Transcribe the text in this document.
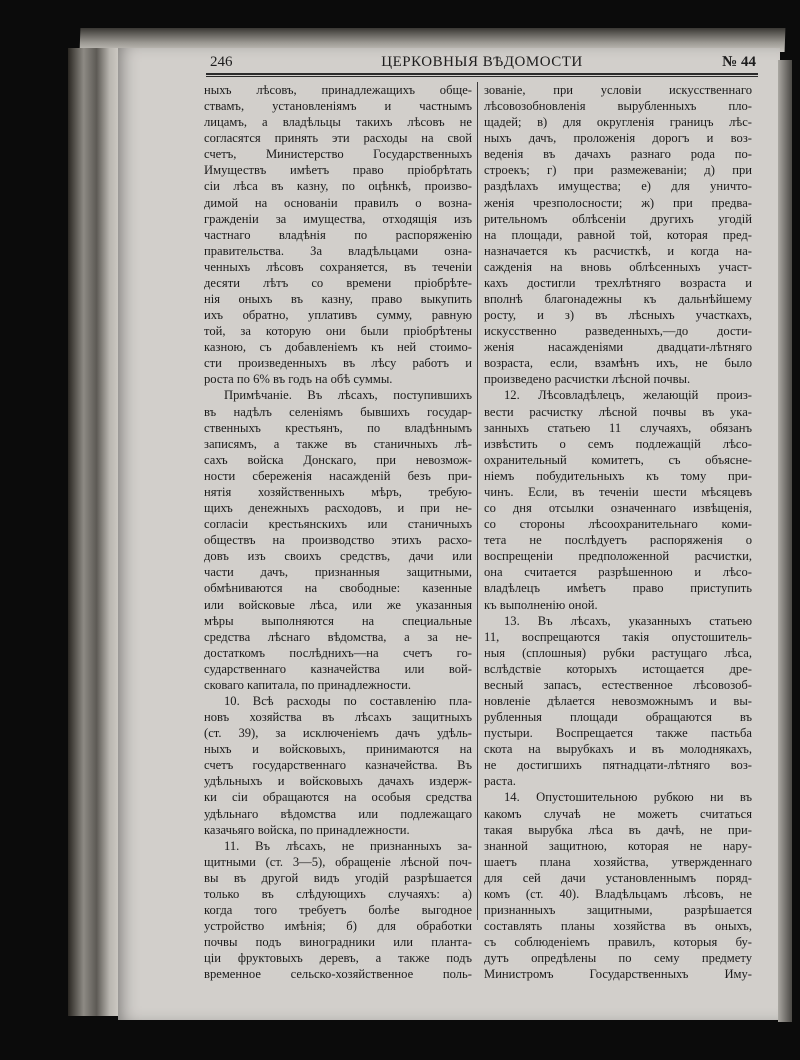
246	ЦЕРКОВНЫЯ ВѢДОМОСТИ	№ 44
ныхъ лѣсовъ, принадлежащихъ обще-
ствамъ, установленіямъ и частнымъ
лицамъ, а владѣльцы такихъ лѣсовъ не
согласятся принять эти расходы на свой
счетъ, Министерство Государственныхъ
Имуществъ имѣетъ право пріобрѣтать
сіи лѣса въ казну, по оцѣнкѣ, произво-
димой на основаніи правилъ о возна-
гражденіи за имущества, отходящія изъ
частнаго владѣнія по распоряженію
правительства. За владѣльцами озна-
ченныхъ лѣсовъ сохраняется, въ теченіи
десяти лѣтъ со времени пріобрѣте-
нія оныхъ въ казну, право выкупить
ихъ обратно, уплативъ сумму, равную
той, за которую они были пріобрѣтены
казною, съ добавленіемъ къ ней стоимо-
сти произведенныхъ въ лѣсу работъ и
роста по 6% въ годъ на обѣ суммы.
Примѣчаніе. Въ лѣсахъ, поступившихъ
въ надѣлъ селеніямъ бывшихъ государ-
ственныхъ крестьянъ, по владѣннымъ
записямъ, а также въ станичныхъ лѣ-
сахъ войска Донскаго, при невозмож-
ности сбереженія насажденій безъ при-
нятія хозяйственныхъ мѣръ, требую-
щихъ денежныхъ расходовъ, и при не-
согласіи крестьянскихъ или станичныхъ
обществъ на производство этихъ расхо-
довъ изъ своихъ средствъ, дачи или
части дачъ, признанныя защитными,
обмѣниваются на свободные: казенные
или войсковые лѣса, или же указанныя
мѣры выполняются на специальные
средства лѣснаго вѣдомства, а за не-
достаткомъ послѣднихъ—на счетъ го-
сударственнаго казначейства или вой-
сковаго капитала, по принадлежности.
10. Всѣ расходы по составленію пла-
новъ хозяйства въ лѣсахъ защитныхъ
(ст. 39), за исключеніемъ дачъ удѣль-
ныхъ и войсковыхъ, принимаются на
счетъ государственнаго казначейства. Въ
удѣльныхъ и войсковыхъ дачахъ издерж-
ки сіи обращаются на особыя средства
удѣльнаго вѣдомства или подлежащаго
казачьяго войска, по принадлежности.
11. Въ лѣсахъ, не признанныхъ за-
щитными (ст. 3—5), обращеніе лѣсной поч-
вы въ другой видъ угодій разрѣшается
только въ слѣдующихъ случаяхъ: а)
когда того требуетъ болѣе выгодное
устройство имѣнія; б) для обработки
почвы подъ виноградники или планта-
ціи фруктовыхъ деревъ, а также подъ
временное сельско-хозяйственное поль-
зованіе, при условіи искусственнаго
лѣсовозобновленія вырубленныхъ пло-
щадей; в) для округленія границъ лѣс-
ныхъ дачъ, проложенія дорогъ и воз-
веденія въ дачахъ разнаго рода по-
строекъ; г) при размежеваніи; д) при
раздѣлахъ имущества; е) для уничто-
женія чрезполосности; ж) при предва-
рительномъ облѣсеніи другихъ угодій
на площади, равной той, которая пред-
назначается къ расчисткѣ, и когда на-
сажденія на вновь облѣсенныхъ участ-
кахъ достигли трехлѣтняго возраста и
вполнѣ благонадежны къ дальнѣйшему
росту, и з) въ лѣсныхъ участкахъ,
искусственно разведенныхъ,—до дости-
женія насажденіями двадцати-лѣтняго
возраста, если, взамѣнъ ихъ, не было
произведено расчистки лѣсной почвы.
12. Лѣсовладѣлецъ, желающій произ-
вести расчистку лѣсной почвы въ ука-
занныхъ статьею 11 случаяхъ, обязанъ
извѣстить о семъ подлежащій лѣсо-
охранительный комитетъ, съ объясне-
ніемъ побудительныхъ къ тому при-
чинъ. Если, въ теченіи шести мѣсяцевъ
со дня отсылки означеннаго извѣщенія,
со стороны лѣсоохранительнаго коми-
тета не послѣдуетъ распоряженія о
воспрещеніи предположенной расчистки,
она считается разрѣшенною и лѣсо-
владѣлецъ имѣетъ право приступить
къ выполненію оной.
13. Въ лѣсахъ, указанныхъ статьею
11, воспрещаются такія опустошитель-
ныя (сплошныя) рубки растущаго лѣса,
вслѣдствіе которыхъ истощается дре-
весный запасъ, естественное лѣсовозоб-
новленіе дѣлается невозможнымъ и вы-
рубленныя площади обращаются въ
пустыри. Воспрещается также пастьба
скота на вырубкахъ и въ молоднякахъ,
не достигшихъ пятнадцати-лѣтняго воз-
раста.
14. Опустошительною рубкою ни въ
какомъ случаѣ не можетъ считаться
такая вырубка лѣса въ дачѣ, не при-
знанной защитною, которая не нару-
шаетъ плана хозяйства, утвержденнаго
для сей дачи установленнымъ поряд-
комъ (ст. 40). Владѣльцамъ лѣсовъ, не
признанныхъ защитными, разрѣшается
составлять планы хозяйства въ оныхъ,
съ соблюденіемъ правилъ, которыя бу-
дутъ опредѣлены по сему предмету
Министромъ Государственныхъ Иму-
